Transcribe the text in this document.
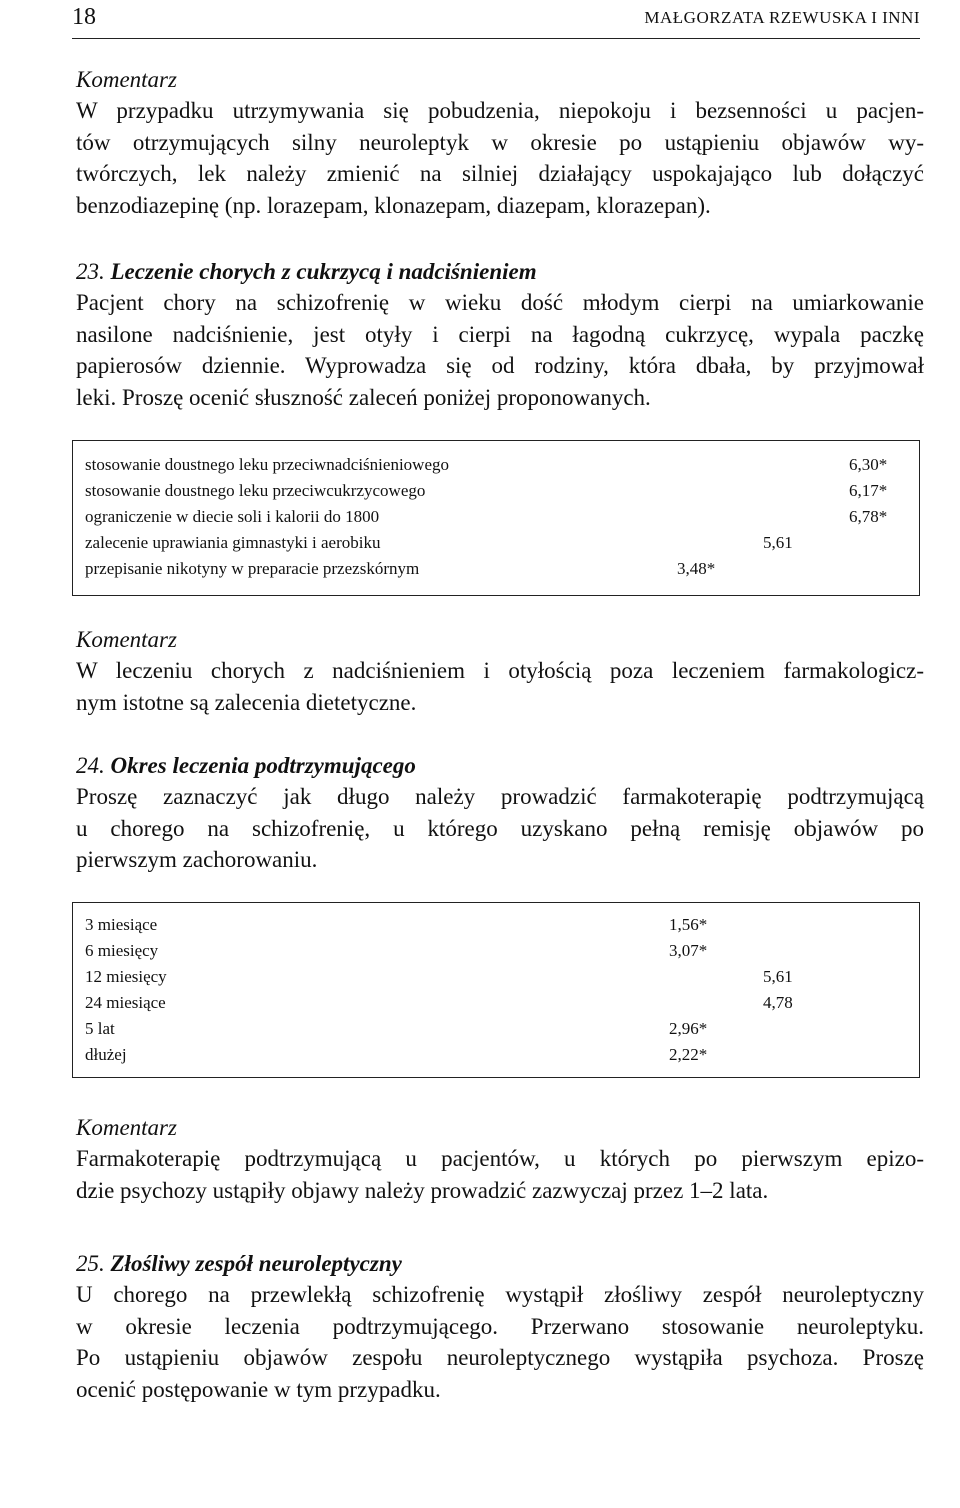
18	MAŁGORZATA RZEWUSKA I INNI
Komentarz

W przypadku utrzymywania się pobudzenia, niepokoju i bezsenności u pacjen-
tów otrzymujących silny neuroleptyk w okresie po ustąpieniu objawów wy-
twórczych, lek należy zmienić na silniej działający uspokajająco lub dołączyć
benzodiazepinę (np. lorazepam, klonazepam, diazepam, klorazepan).

23. Leczenie chorych z cukrzycą i nadciśnieniem

Pacjent chory na schizofrenię w wieku dość młodym cierpi na umiarkowanie
nasilone nadciśnienie, jest otyły i cierpi na łagodną cukrzycę, wypala paczkę
papierosów dziennie. Wyprowadza się od rodziny, która dbała, by przyjmował
leki. Proszę ocenić słuszność zaleceń poniżej proponowanych.

stosowanie doustnego leku przeciwnadciśnieniowego	6,30*
stosowanie doustnego leku przeciwcukrzycowego	6,17*
ograniczenie w diecie soli i kalorii do 1800	6,78*
zalecenie uprawiania gimnastyki i aerobiku	5,61
przepisanie nikotyny w preparacie przezskórnym	3,48*
Komentarz

W leczeniu chorych z nadciśnieniem i otyłością poza leczeniem farmakologicz-
nym istotne są zalecenia dietetyczne.

24. Okres leczenia podtrzymującego

Proszę zaznaczyć jak długo należy prowadzić farmakoterapię podtrzymującą
u chorego na schizofrenię, u którego uzyskano pełną remisję objawów po
pierwszym zachorowaniu.

3 miesiące	1,56*
6 miesięcy	3,07*
12 miesięcy	5,61
24 miesiące	4,78
5 lat	2,96*
dłużej	2,22*
Komentarz

Farmakoterapię podtrzymującą u pacjentów, u których po pierwszym epizo-
dzie psychozy ustąpiły objawy należy prowadzić zazwyczaj przez 1–2 lata.

25. Złośliwy zespół neuroleptyczny

U chorego na przewlekłą schizofrenię wystąpił złośliwy zespół neuroleptyczny
w okresie leczenia podtrzymującego. Przerwano stosowanie neuroleptyku.
Po ustąpieniu objawów zespołu neuroleptycznego wystąpiła psychoza. Proszę
ocenić postępowanie w tym przypadku.
